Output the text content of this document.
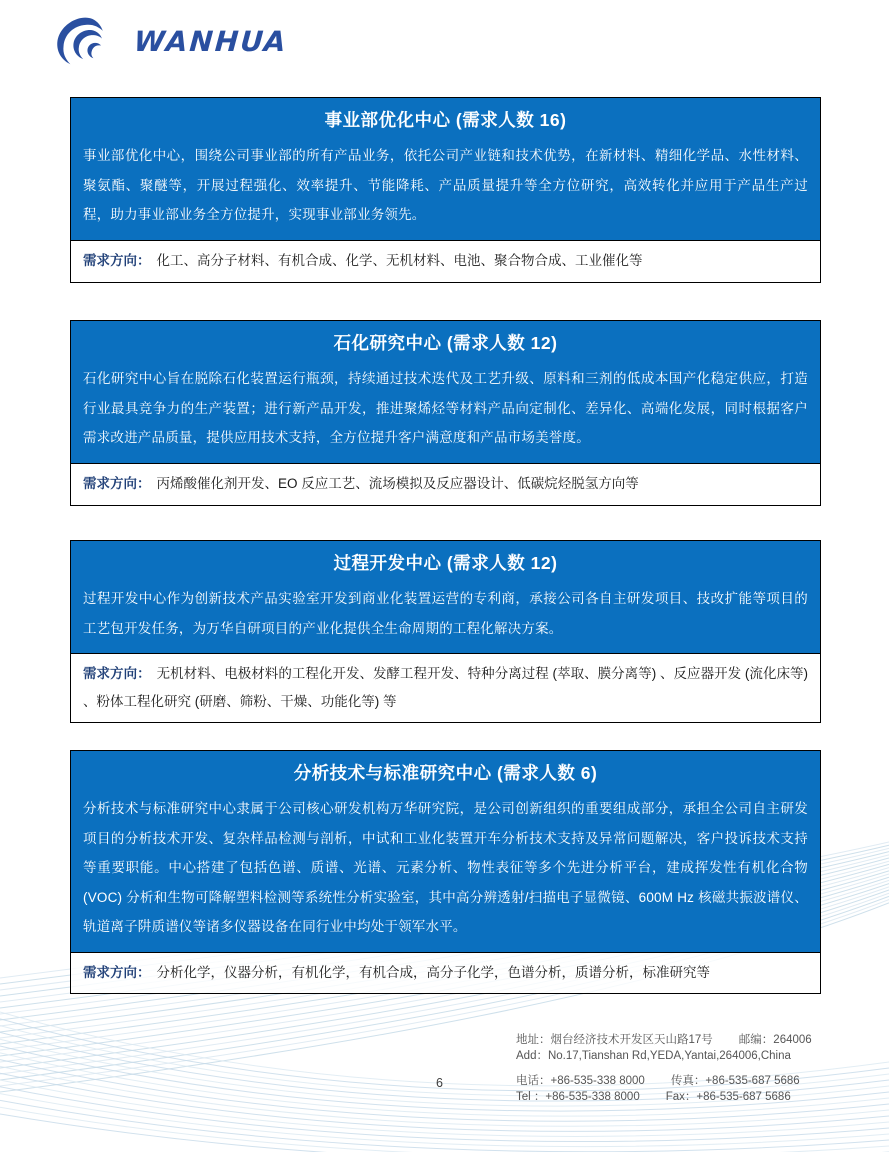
WANHUA
事业部优化中心 (需求人数 16)
事业部优化中心，围绕公司事业部的所有产品业务，依托公司产业链和技术优势，在新材料、精细化学品、水性材料、聚氨酯、聚醚等，开展过程强化、效率提升、节能降耗、产品质量提升等全方位研究，高效转化并应用于产品生产过程，助力事业部业务全方位提升，实现事业部业务领先。
需求方向： 化工、高分子材料、有机合成、化学、无机材料、电池、聚合物合成、工业催化等
石化研究中心 (需求人数 12)
石化研究中心旨在脱除石化装置运行瓶颈，持续通过技术迭代及工艺升级、原料和三剂的低成本国产化稳定供应，打造行业最具竞争力的生产装置；进行新产品开发，推进聚烯烃等材料产品向定制化、差异化、高端化发展，同时根据客户需求改进产品质量，提供应用技术支持，全方位提升客户满意度和产品市场美誉度。
需求方向： 丙烯酸催化剂开发、EO 反应工艺、流场模拟及反应器设计、低碳烷烃脱氢方向等
过程开发中心 (需求人数 12)
过程开发中心作为创新技术产品实验室开发到商业化装置运营的专利商，承接公司各自主研发项目、技改扩能等项目的工艺包开发任务，为万华自研项目的产业化提供全生命周期的工程化解决方案。
需求方向： 无机材料、电极材料的工程化开发、发酵工程开发、特种分离过程 (萃取、膜分离等) 、反应器开发 (流化床等) 、粉体工程化研究 (研磨、筛粉、干燥、功能化等) 等
分析技术与标准研究中心 (需求人数 6)
分析技术与标准研究中心隶属于公司核心研发机构万华研究院，是公司创新组织的重要组成部分，承担全公司自主研发项目的分析技术开发、复杂样品检测与剖析，中试和工业化装置开车分析技术支持及异常问题解决，客户投诉技术支持等重要职能。中心搭建了包括色谱、质谱、光谱、元素分析、物性表征等多个先进分析平台，建成挥发性有机化合物 (VOC) 分析和生物可降解塑料检测等系统性分析实验室，其中高分辨透射/扫描电子显微镜、600M Hz 核磁共振波谱仪、轨道离子阱质谱仪等诸多仪器设备在同行业中均处于领军水平。
需求方向： 分析化学，仪器分析，有机化学，有机合成，高分子化学，色谱分析，质谱分析，标准研究等
地址：烟台经济技术开发区天山路17号 邮编：264006
Add：No.17,Tianshan Rd,YEDA,Yantai,264006,China
电话：+86-535-338 8000 传真：+86-535-687 5686
Tel ：+86-535-338 8000 Fax：+86-535-687 5686
6
